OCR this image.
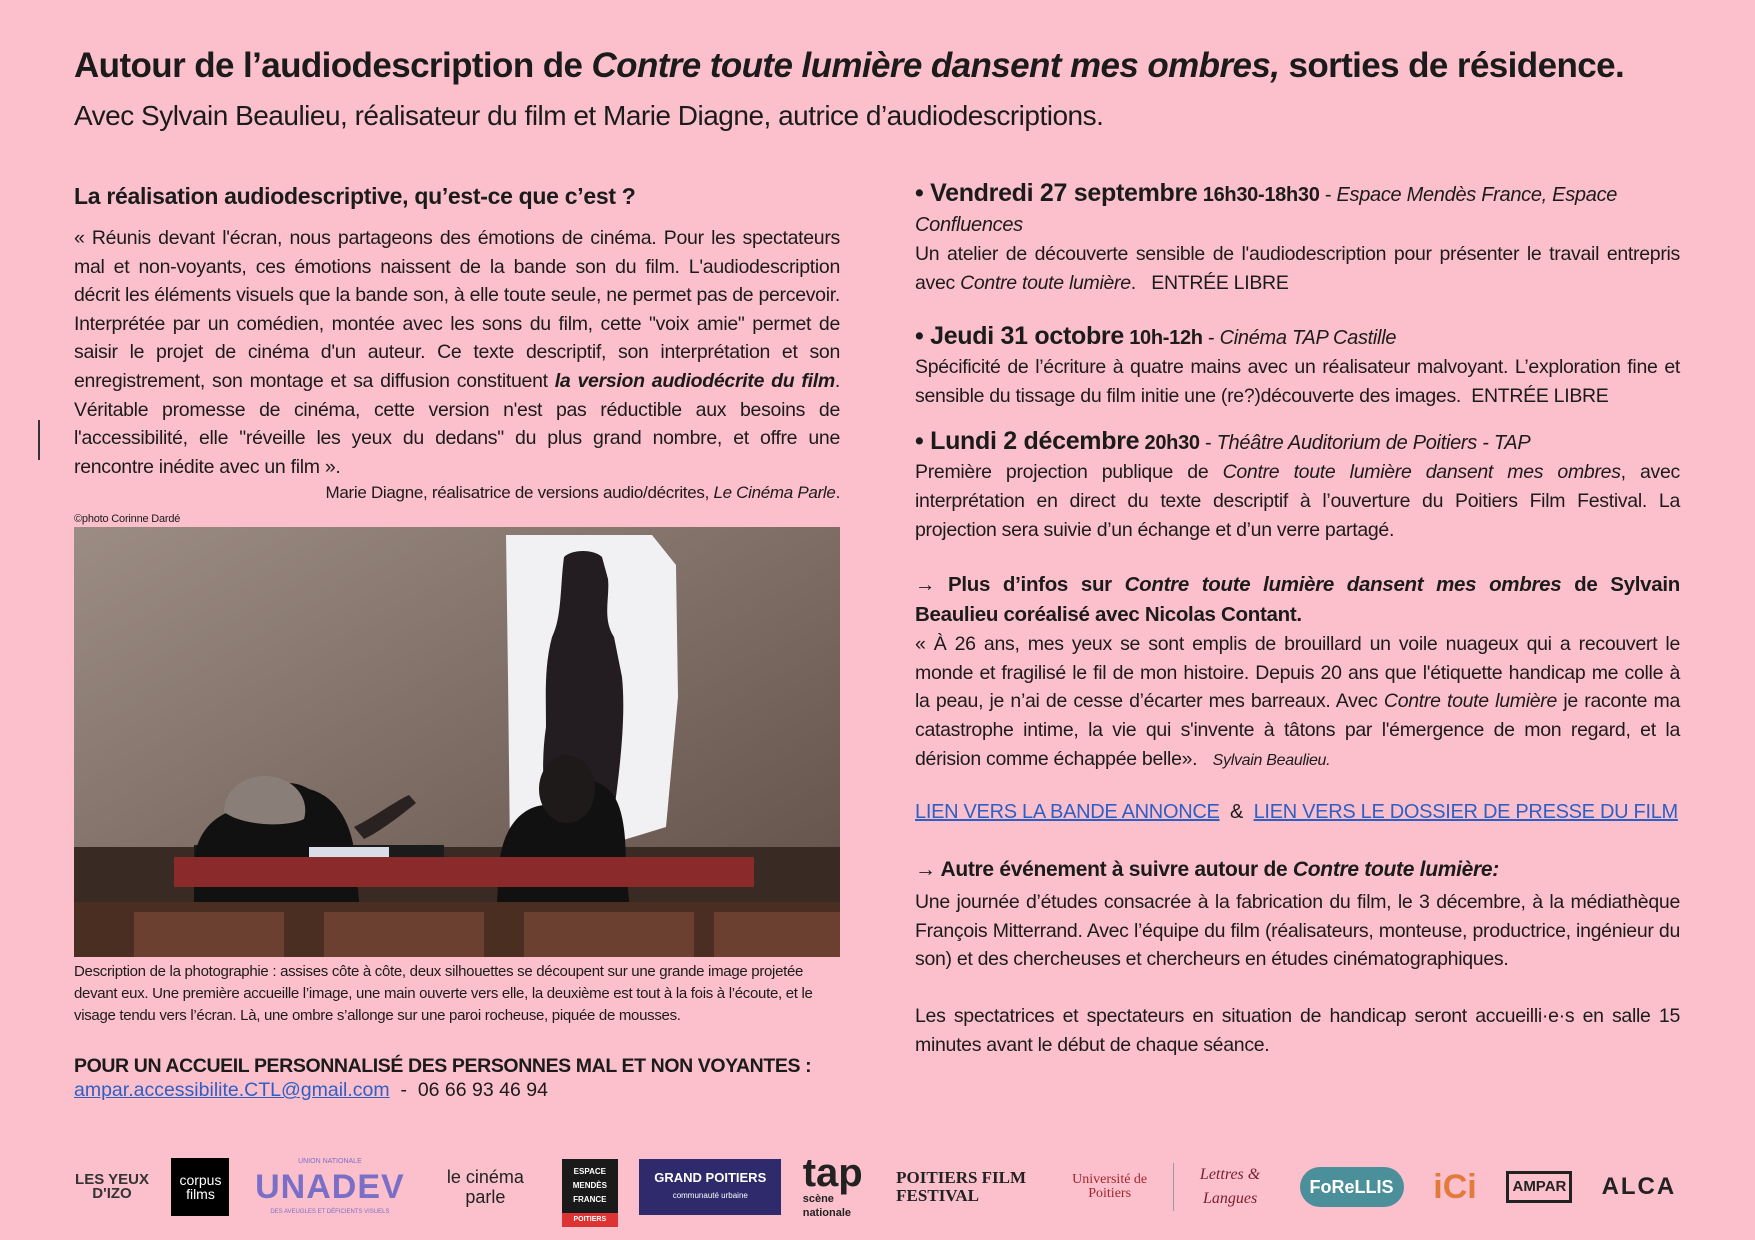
Autour de l’audiodescription de Contre toute lumière dansent mes ombres, sorties de résidence.
Avec Sylvain Beaulieu, réalisateur du film et Marie Diagne, autrice d’audiodescriptions.
La réalisation audiodescriptive, qu’est-ce que c’est ?

« Réunis devant l'écran, nous partageons des émotions de cinéma. Pour les spectateurs mal et non-voyants, ces émotions naissent de la bande son du film. L'audiodescription décrit les éléments visuels que la bande son, à elle toute seule, ne permet pas de percevoir. Interprétée par un comédien, montée avec les sons du film, cette "voix amie" permet de saisir le projet de cinéma d'un auteur. Ce texte descriptif, son interprétation et son enregistrement, son montage et sa diffusion constituent la version audiodécrite du film. Véritable promesse de cinéma, cette version n'est pas réductible aux besoins de l'accessibilité, elle "réveille les yeux du dedans" du plus grand nombre, et offre une rencontre inédite avec un film ».

Marie Diagne, réalisatrice de versions audio/décrites, Le Cinéma Parle.
©photo Corinne Dardé
Description de la photographie : assises côte à côte, deux silhouettes se découpent sur une grande image projetée devant eux. Une première accueille l’image, une main ouverte vers elle, la deuxième est tout à la fois à l’écoute, et le visage tendu vers l’écran. Là, une ombre s’allonge sur une paroi rocheuse, piquée de mousses.
POUR UN ACCUEIL PERSONNALISÉ DES PERSONNES MAL ET NON VOYANTES :
ampar.accessibilite.CTL@gmail.com  -  06 66 93 46 94
• Vendredi 27 septembre 16h30-18h30 - Espace Mendès France, Espace Confluences

Un atelier de découverte sensible de l'audiodescription pour présenter le travail entrepris avec Contre toute lumière.   ENTRÉE LIBRE

• Jeudi 31 octobre 10h-12h - Cinéma TAP Castille

Spécificité de l’écriture à quatre mains avec un réalisateur malvoyant. L’exploration fine et sensible du tissage du film initie une (re?)découverte des images.  ENTRÉE LIBRE

• Lundi 2 décembre 20h30 - Théâtre Auditorium de Poitiers - TAP

Première projection publique de Contre toute lumière dansent mes ombres, avec interprétation en direct du texte descriptif à l’ouverture du Poitiers Film Festival. La projection sera suivie d’un échange et d’un verre partagé.

→ Plus d’infos sur Contre toute lumière dansent mes ombres de Sylvain Beaulieu coréalisé avec Nicolas Contant.

« À 26 ans, mes yeux se sont emplis de brouillard un voile nuageux qui a recouvert le monde et fragilisé le fil de mon histoire. Depuis 20 ans que l'étiquette handicap me colle à la peau, je n’ai de cesse d’écarter mes barreaux. Avec Contre toute lumière je raconte ma catastrophe intime, la vie qui s'invente à tâtons par l'émergence de mon regard, et la dérision comme échappée belle».   Sylvain Beaulieu.

LIEN VERS LA BANDE ANNONCE  &  LIEN VERS LE DOSSIER DE PRESSE DU FILM
→ Autre événement à suivre autour de Contre toute lumière:

Une journée d’études consacrée à la fabrication du film, le 3 décembre, à la médiathèque François Mitterrand. Avec l’équipe du film (réalisateurs, monteuse, productrice, ingénieur du son) et des chercheuses et chercheurs en études cinématographiques.

Les spectatrices et spectateurs en situation de handicap seront accueilli·e·s en salle 15 minutes avant le début de chaque séance.

LES YEUX D'IZO
corpus films
UNION NATIONALE
UNADEV
DES AVEUGLES ET DÉFICIENTS VISUELS
le cinéma parle
ESPACE MENDÈS FRANCE
POITIERS
GRAND POITIERS
communauté urbaine
tap
scène nationale
POITIERS FILM FESTIVAL
Université de Poitiers
Lettres & Langues
FoReLLIS iCi	AMPAR	ALCA
